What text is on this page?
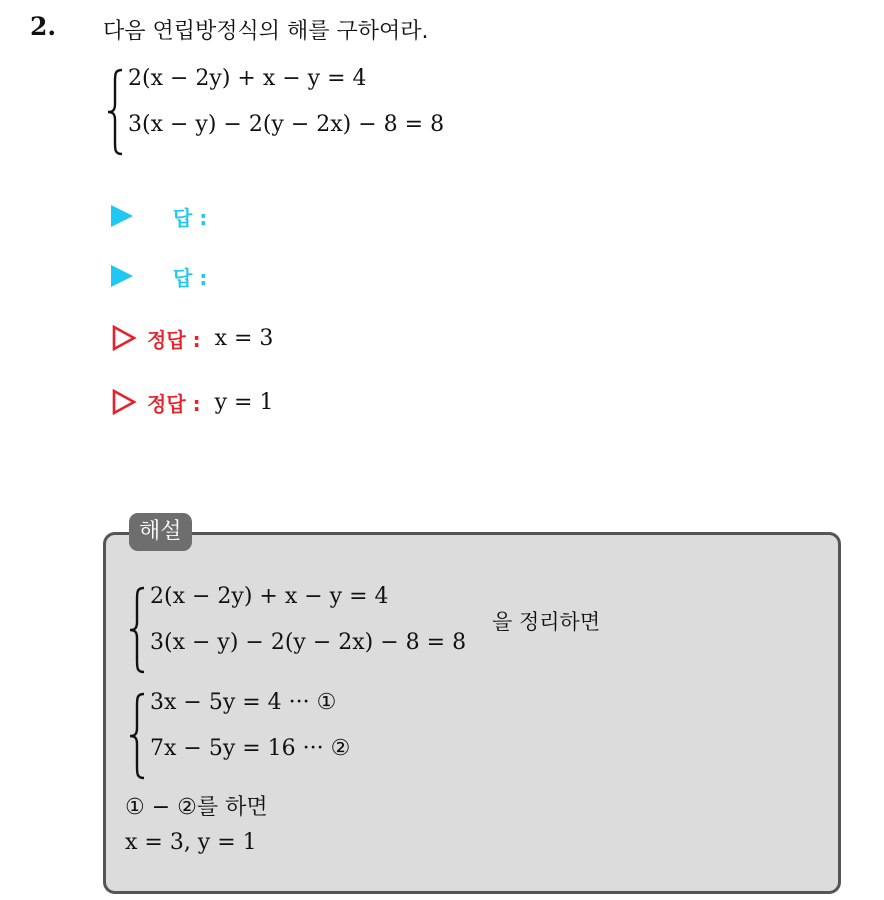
2. 다음 연립방정식의 해를 구하여라.
2(x − 2y) + x − y = 4
3(x − y) − 2(y − 2x) − 8 = 8
답 :
답 :
정답 : x = 3
정답 : y = 1
해설
2(x − 2y) + x − y = 4
3(x − y) − 2(y − 2x) − 8 = 8
을 정리하면
3x − 5y = 4 ··· ①
7x − 5y = 16 ··· ②
① − ②를 하면
x = 3, y = 1
